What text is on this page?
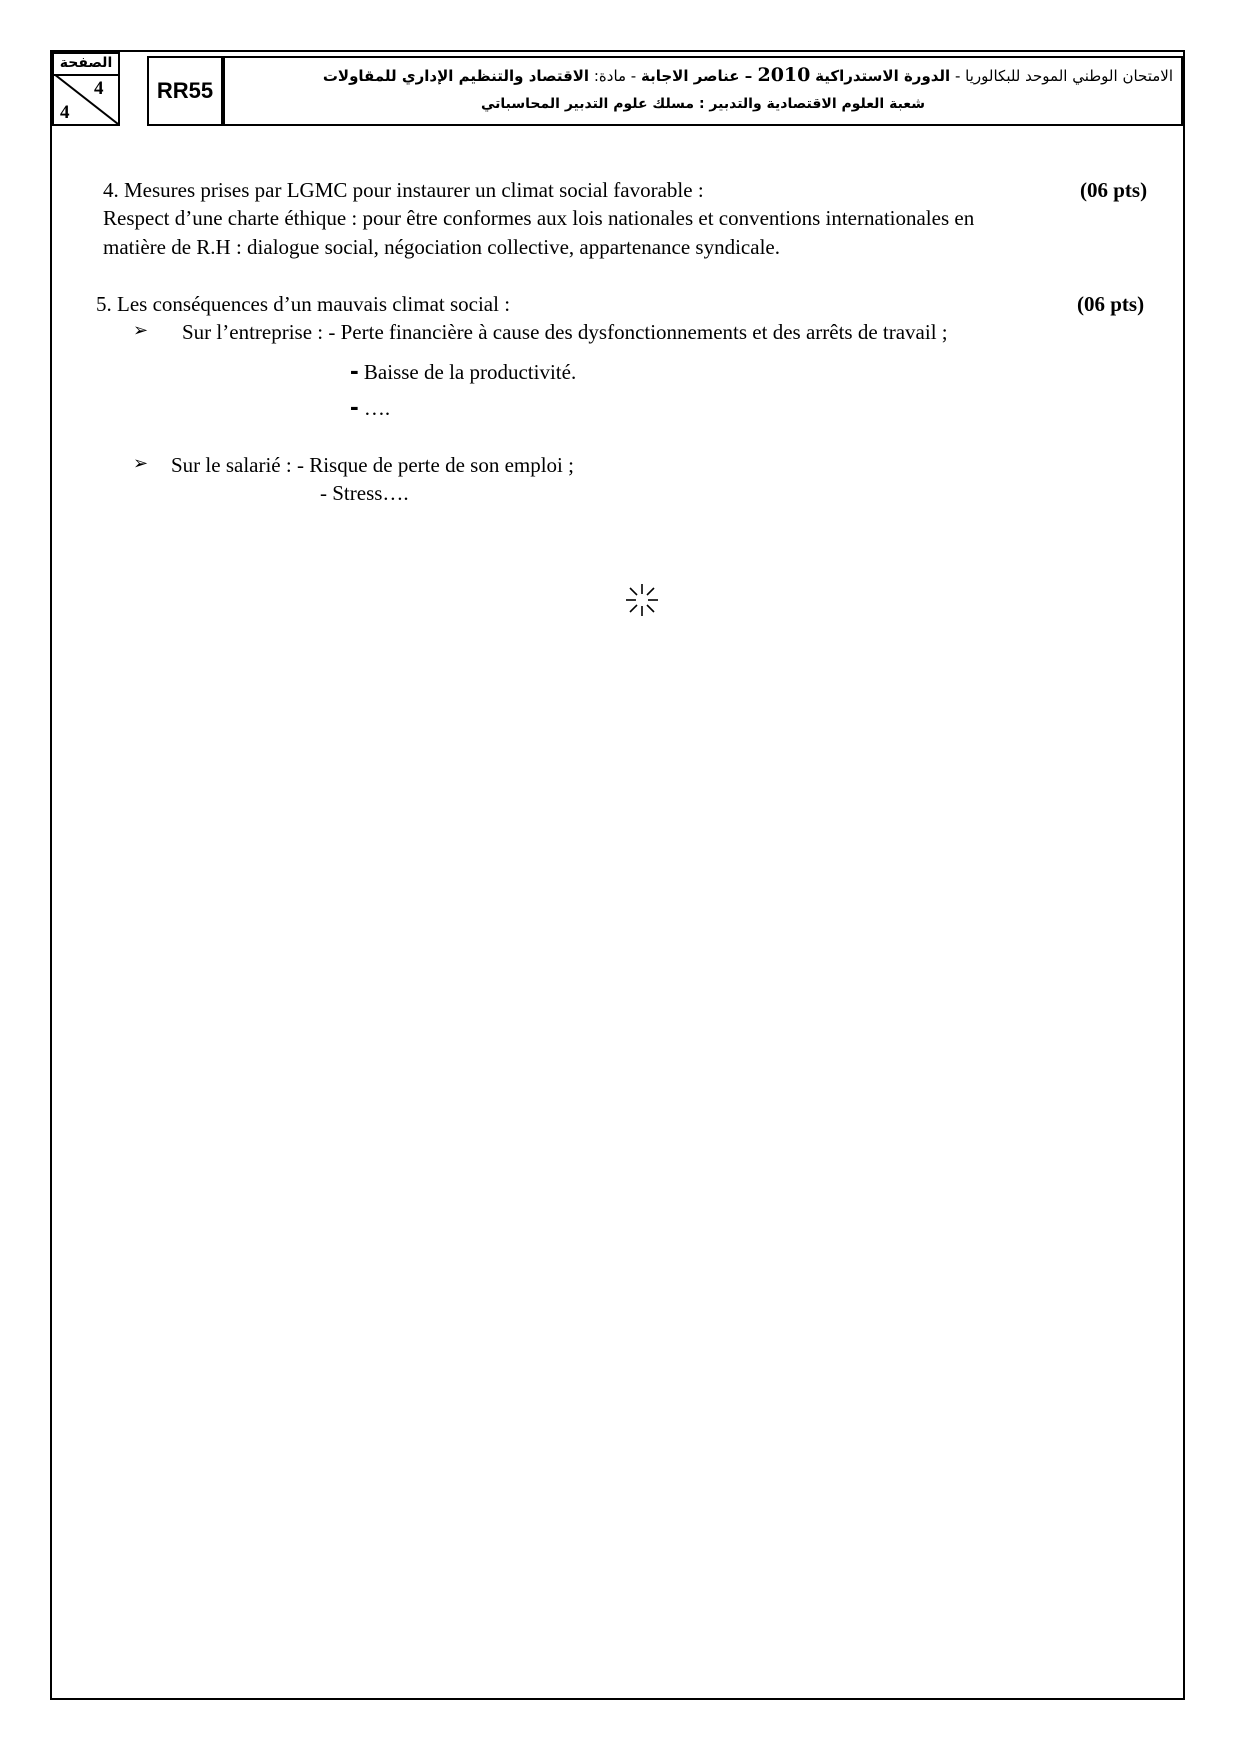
الصفحة
4
4
RR55
الامتحان الوطني الموحد للبكالوريا - الدورة الاستدراكية 2010 – عناصر الاجابة - مادة: الاقتصاد والتنظيم الإداري للمقاولات
شعبة العلوم الاقتصادية والتدبير : مسلك علوم التدبير المحاسباتي
4. Mesures prises par LGMC pour instaurer un climat social favorable :	(06 pts)
Respect d’une charte éthique : pour être conformes aux lois nationales et conventions internationales en
matière de R.H : dialogue social, négociation collective, appartenance syndicale.
5. Les conséquences d’un mauvais climat social :	(06 pts)
➢ Sur l’entreprise : - Perte financière à cause des dysfonctionnements et des arrêts de travail ;
- Baisse de la productivité.
- ….
➢ Sur le salarié : - Risque de perte de son emploi ;
- Stress….
